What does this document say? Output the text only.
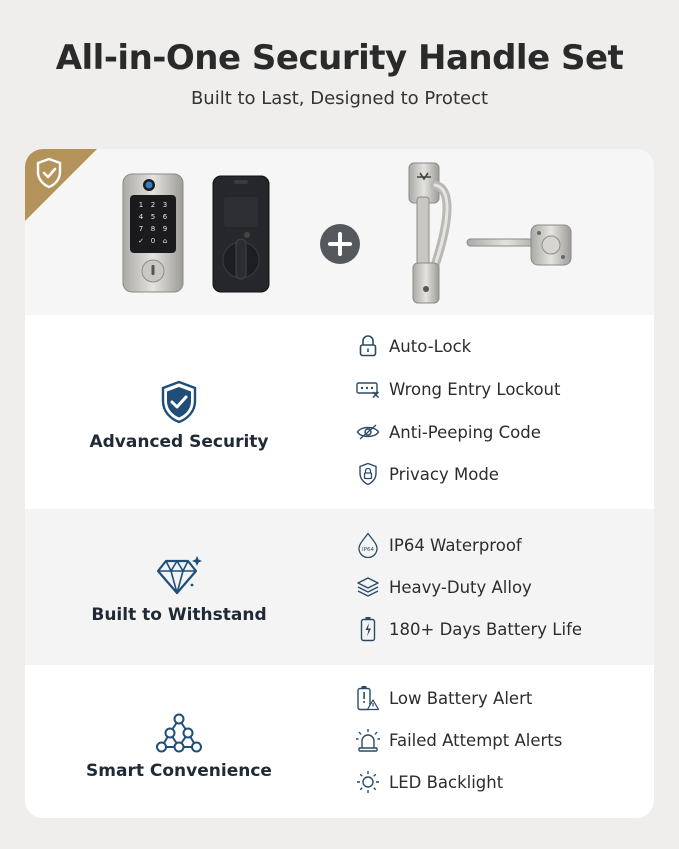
All-in-One Security Handle Set
Built to Last, Designed to Protect
1 2 3
4 5 6
7 8 9
✓ 0 ⌂
Advanced Security
Auto-Lock
Wrong Entry Lockout
Anti-Peeping Code
Privacy Mode
Built to Withstand
IP64 IP64 Waterproof
Heavy-Duty Alloy
180+ Days Battery Life
Smart Convenience
Low Battery Alert
Failed Attempt Alerts
LED Backlight
